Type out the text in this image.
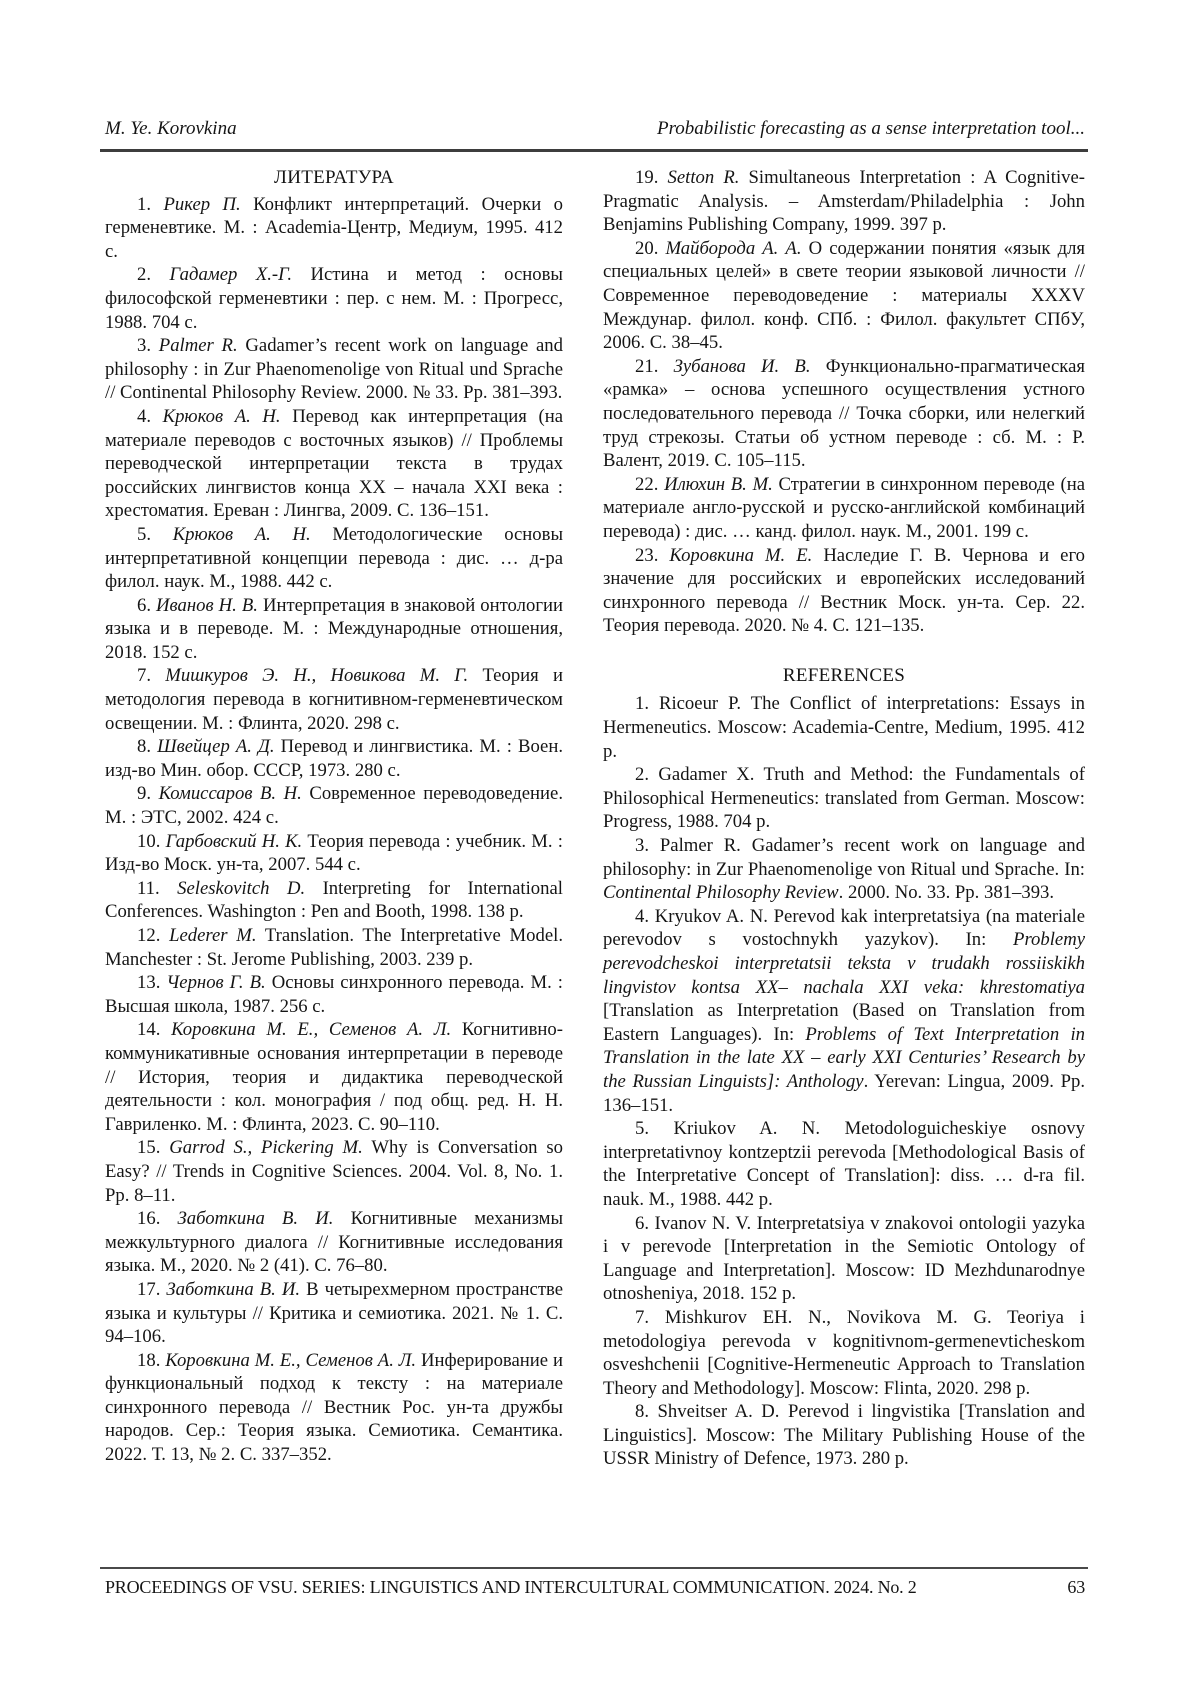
M. Ye. Korovkina	Probabilistic forecasting as a sense interpretation tool...
ЛИТЕРАТУРА

1. Рикер П. Конфликт интерпретаций. Очерки о герменевтике. М. : Academia-Центр, Медиум, 1995. 412 с.

2. Гадамер Х.-Г. Истина и метод : основы философской герменевтики : пер. с нем. М. : Прогресс, 1988. 704 с.

3. Palmer R. Gadamer’s recent work on language and philosophy : in Zur Phaenomenolige von Ritual und Sprache // Continental Philosophy Review. 2000. № 33. Pp. 381–393.

4. Крюков А. Н. Перевод как интерпретация (на материале переводов с восточных языков) // Проблемы переводческой интерпретации текста в трудах российских лингвистов конца XX – начала XXI века : хрестоматия. Ереван : Лингва, 2009. С. 136–151.

5. Крюков А. Н. Методологические основы интерпретативной концепции перевода : дис. … д-ра филол. наук. М., 1988. 442 с.

6. Иванов Н. В. Интерпретация в знаковой онтологии языка и в переводе. М. : Международные отношения, 2018. 152 с.

7. Мишкуров Э. Н., Новикова М. Г. Теория и методология перевода в когнитивном-герменевтическом освещении. М. : Флинта, 2020. 298 с.

8. Швейцер А. Д. Перевод и лингвистика. М. : Воен. изд-во Мин. обор. СССР, 1973. 280 с.

9. Комиссаров В. Н. Современное переводоведение. М. : ЭТС, 2002. 424 с.

10. Гарбовский Н. К. Теория перевода : учебник. М. : Изд-во Моск. ун-та, 2007. 544 с.

11. Seleskovitch D. Interpreting for International Conferences. Washington : Pen and Booth, 1998. 138 p.

12. Lederer M. Translation. The Interpretative Model. Manchester : St. Jerome Publishing, 2003. 239 p.

13. Чернов Г. В. Основы синхронного перевода. М. : Высшая школа, 1987. 256 с.

14. Коровкина М. Е., Семенов А. Л. Когнитивно-коммуникативные основания интерпретации в переводе // История, теория и дидактика переводческой деятельности : кол. монография / под общ. ред. Н. Н. Гавриленко. М. : Флинта, 2023. С. 90–110.

15. Garrod S., Pickering M. Why is Conversation so Easy? // Trends in Cognitive Sciences. 2004. Vol. 8, No. 1. Pp. 8–11.

16. Заботкина В. И. Когнитивные механизмы межкультурного диалога // Когнитивные исследования языка. М., 2020. № 2 (41). С. 76–80.

17. Заботкина В. И. В четырехмерном пространстве языка и культуры // Критика и семиотика. 2021. № 1. С. 94–106.

18. Коровкина М. Е., Семенов А. Л. Инферирование и функциональный подход к тексту : на материале синхронного перевода // Вестник Рос. ун-та дружбы народов. Сер.: Теория языка. Семиотика. Семантика. 2022. Т. 13, № 2. С. 337–352.

19. Setton R. Simultaneous Interpretation : A Cognitive-Pragmatic Analysis. – Amsterdam/Philadelphia : John Benjamins Publishing Company, 1999. 397 p.

20. Майборода А. А. О содержании понятия «язык для специальных целей» в свете теории языковой личности // Современное переводоведение : материалы XXXV Междунар. филол. конф. СПб. : Филол. факультет СПбУ, 2006. С. 38–45.

21. Зубанова И. В. Функционально-прагматическая «рамка» – основа успешного осуществления устного последовательного перевода // Точка сборки, или нелегкий труд стрекозы. Статьи об устном переводе : сб. М. : Р. Валент, 2019. С. 105–115.

22. Илюхин В. М. Стратегии в синхронном переводе (на материале англо-русской и русско-английской комбинаций перевода) : дис. … канд. филол. наук. М., 2001. 199 с.

23. Коровкина М. Е. Наследие Г. В. Чернова и его значение для российских и европейских исследований синхронного перевода // Вестник Моск. ун-та. Сер. 22. Теория перевода. 2020. № 4. С. 121–135.

REFERENCES

1. Ricoeur P. The Conflict of interpretations: Essays in Hermeneutics. Moscow: Academia-Centre, Medium, 1995. 412 p.

2. Gadamer X. Truth and Method: the Fundamentals of Philosophical Hermeneutics: translated from German. Moscow: Progress, 1988. 704 p.

3. Palmer R. Gadamer’s recent work on language and philosophy: in Zur Phaenomenolige von Ritual und Sprache. In: Continental Philosophy Review. 2000. No. 33. Pp. 381–393.

4. Kryukov A. N. Perevod kak interpretatsiya (na materiale perevodov s vostochnykh yazykov). In: Problemy perevodcheskoi interpretatsii teksta v trudakh rossiiskikh lingvistov kontsa XX– nachala XXI veka: khrestomatiya [Translation as Interpretation (Based on Translation from Eastern Languages). In: Problems of Text Interpretation in Translation in the late XX – early XXI Centuries’ Research by the Russian Linguists]: Anthology. Yerevan: Lingua, 2009. Pp. 136–151.

5. Kriukov A. N. Metodologuicheskiye osnovy interpretativnoy kontzeptzii perevoda [Methodological Basis of the Interpretative Concept of Translation]: diss. … d-ra fil. nauk. M., 1988. 442 p.

6. Ivanov N. V. Interpretatsiya v znakovoi ontologii yazyka i v perevode [Interpretation in the Semiotic Ontology of Language and Interpretation]. Moscow: ID Mezhdunarodnye otnosheniya, 2018. 152 p.

7. Mishkurov EH. N., Novikova M. G. Teoriya i metodologiya perevoda v kognitivnom-germenevticheskom osveshchenii [Cognitive-Hermeneutic Approach to Translation Theory and Methodology]. Moscow: Flinta, 2020. 298 p.

8. Shveitser A. D. Perevod i lingvistika [Translation and Linguistics]. Moscow: The Military Publishing House of the USSR Ministry of Defence, 1973. 280 p.

PROCEEDINGS OF VSU. SERIES: LINGUISTICS AND INTERCULTURAL COMMUNICATION. 2024. No. 2	63
